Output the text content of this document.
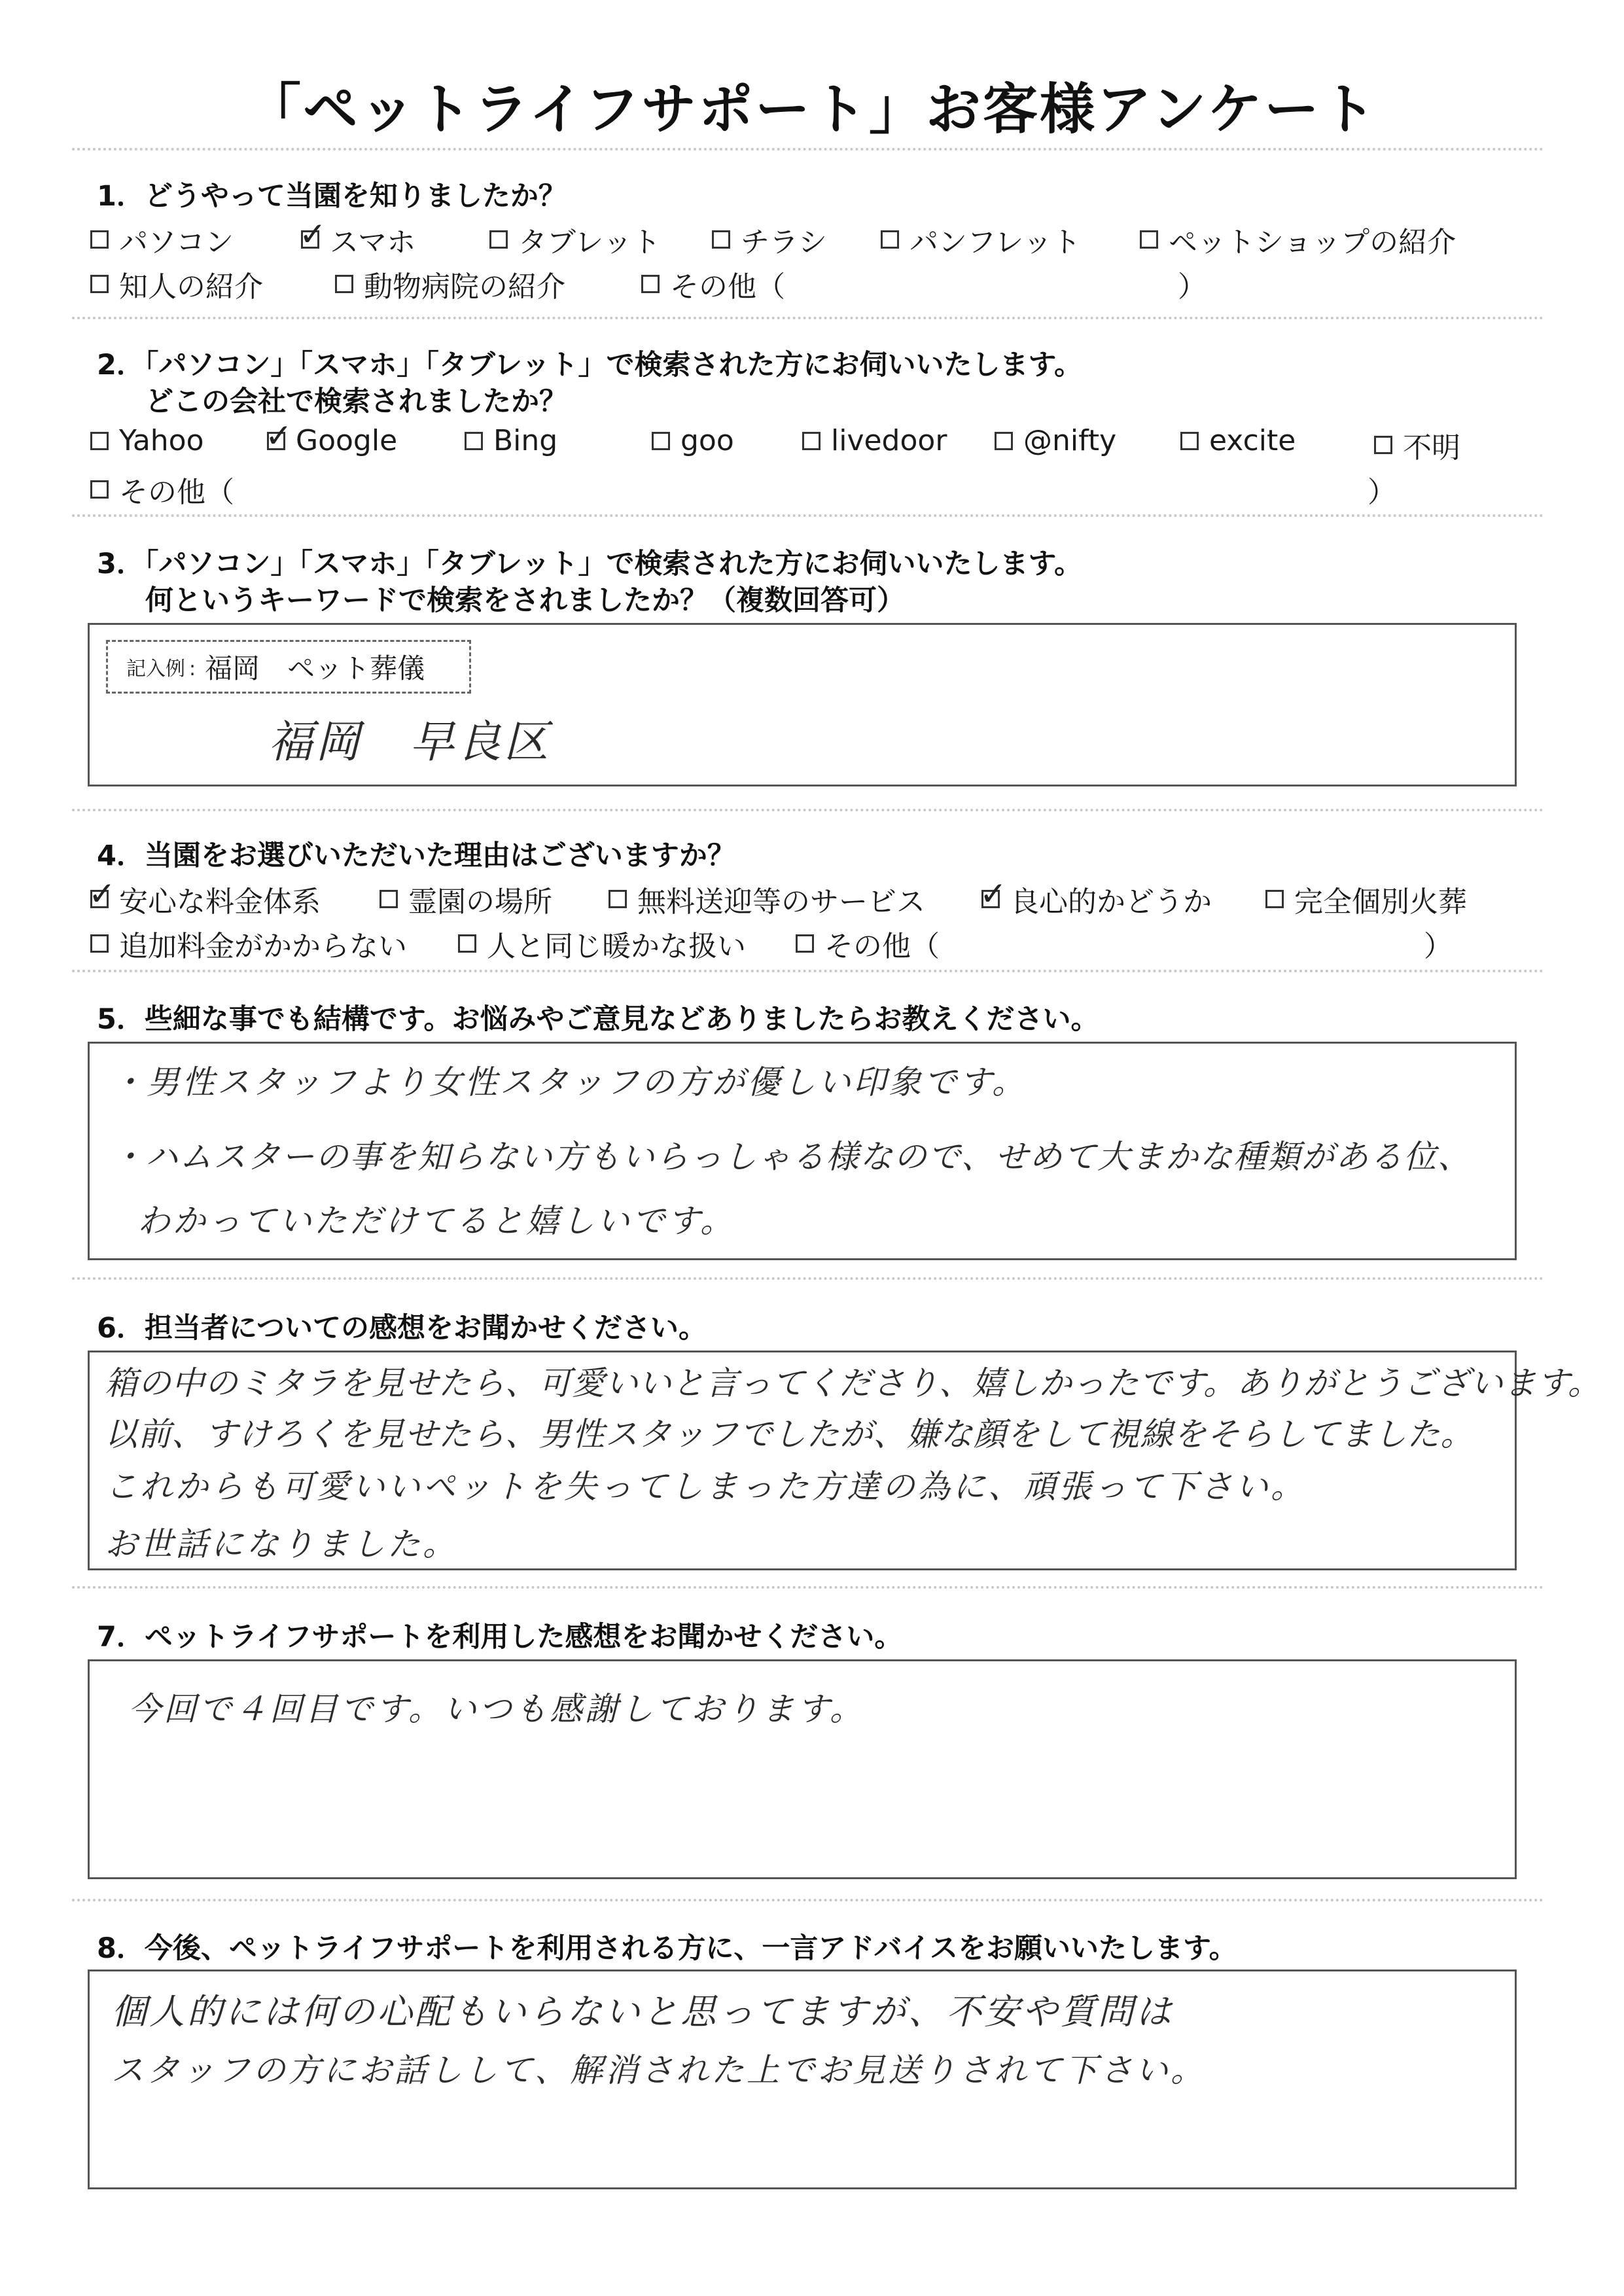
「ペットライフサポート」お客様アンケート
1．どうやって当園を知りましたか？
パソコン ✓ スマホ	タブレット	チラシ	パンフレット	ペットショップの紹介
知人の紹介	動物病院の紹介	その他（	）
2．「パソコン」「スマホ」「タブレット」で検索された方にお伺いいたします。
どこの会社で検索されましたか？
Yahoo ✓ Google	Bing	goo	livedoor	@nifty	excite	不明
その他（	）
3．「パソコン」「スマホ」「タブレット」で検索された方にお伺いいたします。
何というキーワードで検索をされましたか？（複数回答可）
記入例 : 福岡　ペット葬儀
福岡　早良区
4．当園をお選びいただいた理由はございますか？
✓ 安心な料金体系	霊園の場所	無料送迎等のサービス ✓ 良心的かどうか	完全個別火葬
追加料金がかからない	人と同じ暖かな扱い	その他（	）
5．些細な事でも結構です。お悩みやご意見などありましたらお教えください。
・男性スタッフより女性スタッフの方が優しい印象です。
・ハムスターの事を知らない方もいらっしゃる様なので、せめて大まかな種類がある位、
わかっていただけてると嬉しいです。
6．担当者についての感想をお聞かせください。
箱の中のミタラを見せたら、可愛いいと言ってくださり、嬉しかったです。ありがとうございます。
以前、すけろくを見せたら、男性スタッフでしたが、嫌な顔をして視線をそらしてました。
これからも可愛いいペットを失ってしまった方達の為に、頑張って下さい。
お世話になりました。
7．ペットライフサポートを利用した感想をお聞かせください。
今回で４回目です。いつも感謝しております。
8．今後、ペットライフサポートを利用される方に、一言アドバイスをお願いいたします。
個人的には何の心配もいらないと思ってますが、不安や質問は
スタッフの方にお話しして、解消された上でお見送りされて下さい。
